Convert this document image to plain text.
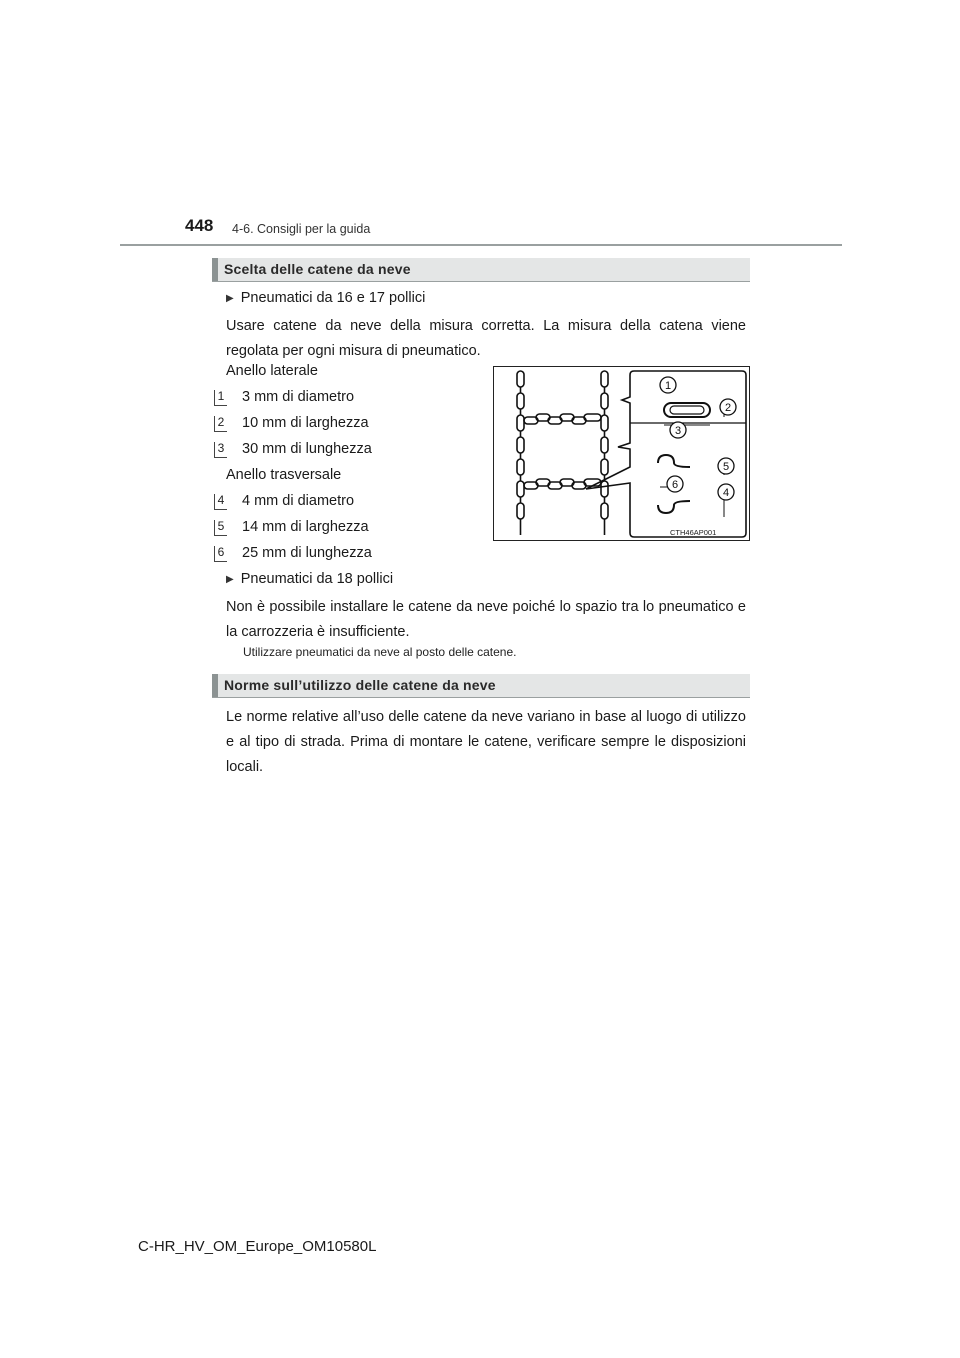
448 4-6. Consigli per la guida
Scelta delle catene da neve
▶ Pneumatici da 16 e 17 pollici
Usare catene da neve della misura corretta. La misura della catena viene regolata per ogni misura di pneumatico.
Anello laterale
1 3 mm di diametro
2 10 mm di larghezza
3 30 mm di lunghezza
Anello trasversale
4 4 mm di diametro
5 14 mm di larghezza
6 25 mm di lunghezza
1
2
3
4
5
6
CTH46AP001
▶ Pneumatici da 18 pollici
Non è possibile installare le catene da neve poiché lo spazio tra lo pneumatico e la carrozzeria è insufficiente.
Utilizzare pneumatici da neve al posto delle catene.
Norme sull’utilizzo delle catene da neve
Le norme relative all’uso delle catene da neve variano in base al luogo di utilizzo e al tipo di strada. Prima di montare le catene, verificare sempre le disposizioni locali.
C-HR_HV_OM_Europe_OM10580L
